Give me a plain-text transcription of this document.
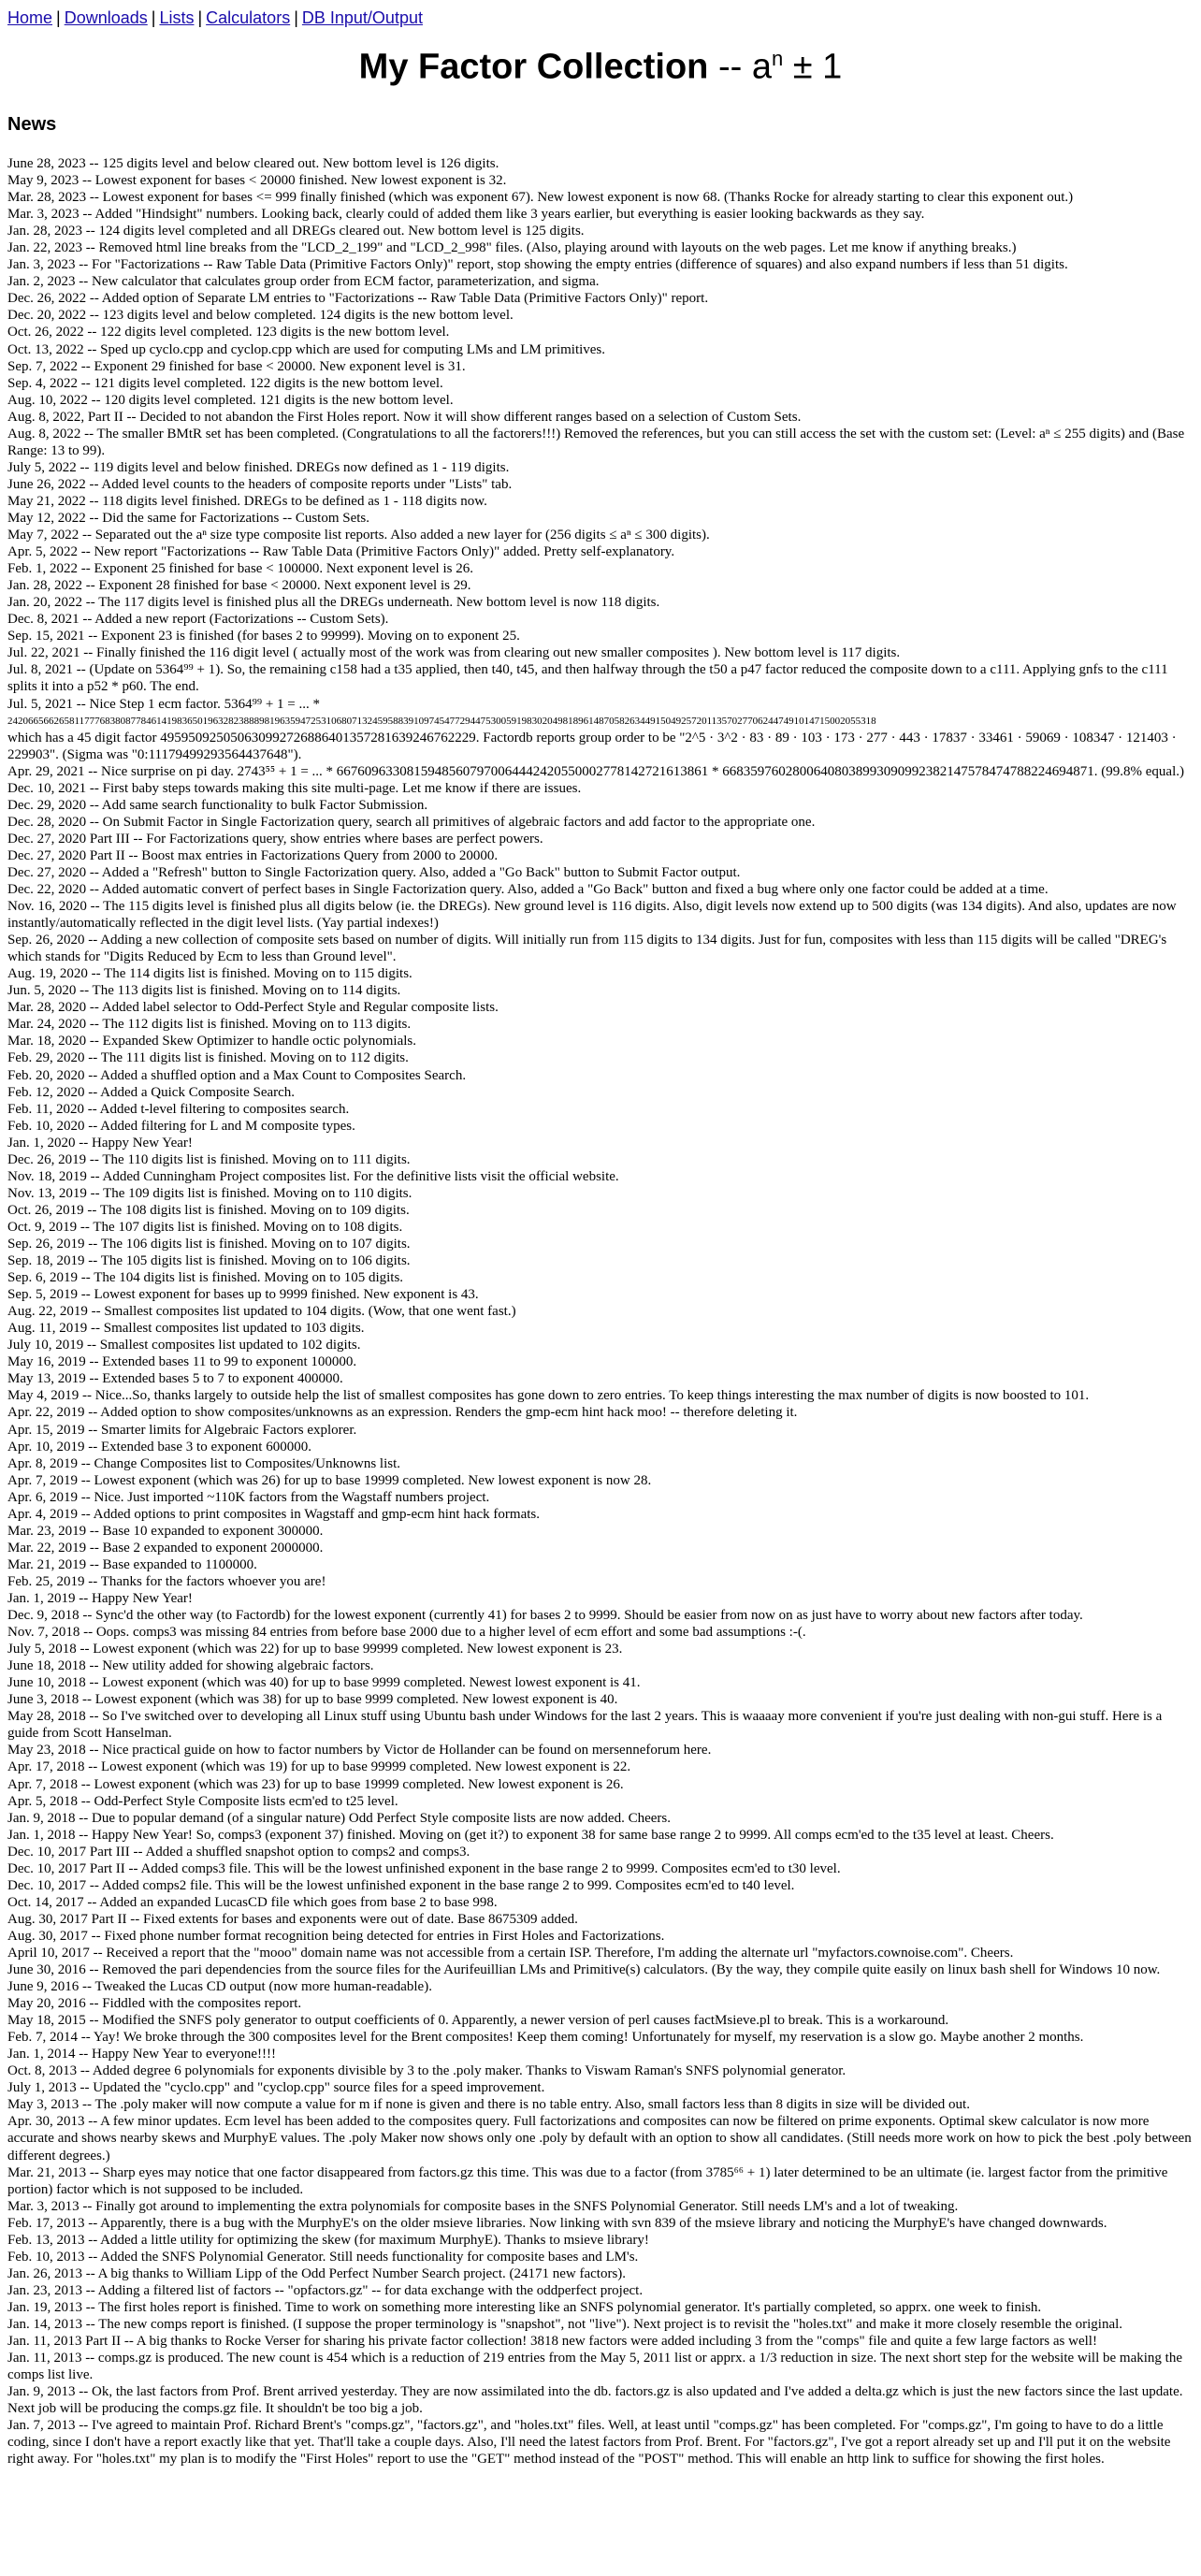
Home | Downloads | Lists | Calculators | DB Input/Output
My Factor Collection -- $a^n \pm 1$
News
June 28, 2023 -- 125 digits level and below cleared out. New bottom level is 126 digits.
May 9, 2023 -- Lowest exponent for bases < 20000 finished. New lowest exponent is 32.
Mar. 28, 2023 -- Lowest exponent for bases <= 999 finally finished (which was exponent 67). New lowest exponent is now 68. (Thanks Rocke for already starting to clear this exponent out.)
Mar. 3, 2023 -- Added "Hindsight" numbers. Looking back, clearly could of added them like 3 years earlier, but everything is easier looking backwards as they say.
Jan. 28, 2023 -- 124 digits level completed and all DREGs cleared out. New bottom level is 125 digits.
Jan. 22, 2023 -- Removed html line breaks from the "LCD_2_199" and "LCD_2_998" files. (Also, playing around with layouts on the web pages. Let me know if anything breaks.)
Jan. 3, 2023 -- For "Factorizations -- Raw Table Data (Primitive Factors Only)" report, stop showing the empty entries (difference of squares) and also expand numbers if less than 51 digits.
Jan. 2, 2023 -- New calculator that calculates group order from ECM factor, parameterization, and sigma.
Dec. 26, 2022 -- Added option of Separate LM entries to "Factorizations -- Raw Table Data (Primitive Factors Only)" report.
Dec. 20, 2022 -- 123 digits level and below completed. 124 digits is the new bottom level.
Oct. 26, 2022 -- 122 digits level completed. 123 digits is the new bottom level.
Oct. 13, 2022 -- Sped up cyclo.cpp and cyclop.cpp which are used for computing LMs and LM primitives.
Sep. 7, 2022 -- Exponent 29 finished for base < 20000. New exponent level is 31.
Sep. 4, 2022 -- 121 digits level completed. 122 digits is the new bottom level.
Aug. 10, 2022 -- 120 digits level completed. 121 digits is the new bottom level.
Aug. 8, 2022, Part II -- Decided to not abandon the First Holes report. Now it will show different ranges based on a selection of Custom Sets.
Aug. 8, 2022 -- The smaller BMtR set has been completed. (Congratulations to all the factorers!!!) Removed the references, but you can still access the set with the custom set: (Level: aⁿ ≤ 255 digits) and (Base Range: 13 to 99).
July 5, 2022 -- 119 digits level and below finished. DREGs now defined as 1 - 119 digits.
June 26, 2022 -- Added level counts to the headers of composite reports under "Lists" tab.
May 21, 2022 -- 118 digits level finished. DREGs to be defined as 1 - 118 digits now.
May 12, 2022 -- Did the same for Factorizations -- Custom Sets.
May 7, 2022 -- Separated out the aⁿ size type composite list reports. Also added a new layer for (256 digits ≤ aⁿ ≤ 300 digits).
Apr. 5, 2022 -- New report "Factorizations -- Raw Table Data (Primitive Factors Only)" added. Pretty self-explanatory.
Feb. 1, 2022 -- Exponent 25 finished for base < 100000. Next exponent level is 26.
Jan. 28, 2022 -- Exponent 28 finished for base < 20000. Next exponent level is 29.
Jan. 20, 2022 -- The 117 digits level is finished plus all the DREGs underneath. New bottom level is now 118 digits.
Dec. 8, 2021 -- Added a new report (Factorizations -- Custom Sets).
Sep. 15, 2021 -- Exponent 23 is finished (for bases 2 to 99999). Moving on to exponent 25.
Jul. 22, 2021 -- Finally finished the 116 digit level ( actually most of the work was from clearing out new smaller composites ). New bottom level is 117 digits.
Jul. 8, 2021 -- (Update on 5364⁹⁹ + 1). So, the remaining c158 had a t35 applied, then t40, t45, and then halfway through the t50 a p47 factor reduced the composite down to a c111. Applying gnfs to the c111 splits it into a p52 * p60. The end.
Jul. 5, 2021 -- Nice Step 1 ecm factor. 5364⁹⁹ + 1 = ... *
2420665662658117776838087784614198365019632823888981963594725310680713245958839109745477294475300591983020498189614870582634491504925720113570277062447491014715002055318
which has a 45 digit factor 495950925050630992726886401357281639246762229. Factordb reports group order to be "2^5 · 3^2 · 83 · 89 · 103 · 173 · 277 · 443 · 17837 · 33461 · 59069 · 108347 · 121403 · 229903". (Sigma was "0:11179499293564437648").
Apr. 29, 2021 -- Nice surprise on pi day. 2743⁵⁵ + 1 = ... * 66760963308159485607970064442420550002778142721613861 * 66835976028006408038993090992382147578474788224694871. (99.8% equal.)
Dec. 10, 2021 -- First baby steps towards making this site multi-page. Let me know if there are issues.
Dec. 29, 2020 -- Add same search functionality to bulk Factor Submission.
Dec. 28, 2020 -- On Submit Factor in Single Factorization query, search all primitives of algebraic factors and add factor to the appropriate one.
Dec. 27, 2020 Part III -- For Factorizations query, show entries where bases are perfect powers.
Dec. 27, 2020 Part II -- Boost max entries in Factorizations Query from 2000 to 20000.
Dec. 27, 2020 -- Added a "Refresh" button to Single Factorization query. Also, added a "Go Back" button to Submit Factor output.
Dec. 22, 2020 -- Added automatic convert of perfect bases in Single Factorization query. Also, added a "Go Back" button and fixed a bug where only one factor could be added at a time.
Nov. 16, 2020 -- The 115 digits level is finished plus all digits below (ie. the DREGs). New ground level is 116 digits. Also, digit levels now extend up to 500 digits (was 134 digits). And also, updates are now instantly/automatically reflected in the digit level lists. (Yay partial indexes!)
Sep. 26, 2020 -- Adding a new collection of composite sets based on number of digits. Will initially run from 115 digits to 134 digits. Just for fun, composites with less than 115 digits will be called "DREG's which stands for "Digits Reduced by Ecm to less than Ground level".
Aug. 19, 2020 -- The 114 digits list is finished. Moving on to 115 digits.
Jun. 5, 2020 -- The 113 digits list is finished. Moving on to 114 digits.
Mar. 28, 2020 -- Added label selector to Odd-Perfect Style and Regular composite lists.
Mar. 24, 2020 -- The 112 digits list is finished. Moving on to 113 digits.
Mar. 18, 2020 -- Expanded Skew Optimizer to handle octic polynomials.
Feb. 29, 2020 -- The 111 digits list is finished. Moving on to 112 digits.
Feb. 20, 2020 -- Added a shuffled option and a Max Count to Composites Search.
Feb. 12, 2020 -- Added a Quick Composite Search.
Feb. 11, 2020 -- Added t-level filtering to composites search.
Feb. 10, 2020 -- Added filtering for L and M composite types.
Jan. 1, 2020 -- Happy New Year!
Dec. 26, 2019 -- The 110 digits list is finished. Moving on to 111 digits.
Nov. 18, 2019 -- Added Cunningham Project composites list. For the definitive lists visit the official website.
Nov. 13, 2019 -- The 109 digits list is finished. Moving on to 110 digits.
Oct. 26, 2019 -- The 108 digits list is finished. Moving on to 109 digits.
Oct. 9, 2019 -- The 107 digits list is finished. Moving on to 108 digits.
Sep. 26, 2019 -- The 106 digits list is finished. Moving on to 107 digits.
Sep. 18, 2019 -- The 105 digits list is finished. Moving on to 106 digits.
Sep. 6, 2019 -- The 104 digits list is finished. Moving on to 105 digits.
Sep. 5, 2019 -- Lowest exponent for bases up to 9999 finished. New exponent is 43.
Aug. 22, 2019 -- Smallest composites list updated to 104 digits. (Wow, that one went fast.)
Aug. 11, 2019 -- Smallest composites list updated to 103 digits.
July 10, 2019 -- Smallest composites list updated to 102 digits.
May 16, 2019 -- Extended bases 11 to 99 to exponent 100000.
May 13, 2019 -- Extended bases 5 to 7 to exponent 400000.
May 4, 2019 -- Nice...So, thanks largely to outside help the list of smallest composites has gone down to zero entries. To keep things interesting the max number of digits is now boosted to 101.
Apr. 22, 2019 -- Added option to show composites/unknowns as an expression. Renders the gmp-ecm hint hack moo! -- therefore deleting it.
Apr. 15, 2019 -- Smarter limits for Algebraic Factors explorer.
Apr. 10, 2019 -- Extended base 3 to exponent 600000.
Apr. 8, 2019 -- Change Composites list to Composites/Unknowns list.
Apr. 7, 2019 -- Lowest exponent (which was 26) for up to base 19999 completed. New lowest exponent is now 28.
Apr. 6, 2019 -- Nice. Just imported ~110K factors from the Wagstaff numbers project.
Apr. 4, 2019 -- Added options to print composites in Wagstaff and gmp-ecm hint hack formats.
Mar. 23, 2019 -- Base 10 expanded to exponent 300000.
Mar. 22, 2019 -- Base 2 expanded to exponent 2000000.
Mar. 21, 2019 -- Base expanded to 1100000.
Feb. 25, 2019 -- Thanks for the factors whoever you are!
Jan. 1, 2019 -- Happy New Year!
Dec. 9, 2018 -- Sync'd the other way (to Factordb) for the lowest exponent (currently 41) for bases 2 to 9999. Should be easier from now on as just have to worry about new factors after today.
Nov. 7, 2018 -- Oops. comps3 was missing 84 entries from before base 2000 due to a higher level of ecm effort and some bad assumptions :-(.
July 5, 2018 -- Lowest exponent (which was 22) for up to base 99999 completed. New lowest exponent is 23.
June 18, 2018 -- New utility added for showing algebraic factors.
June 10, 2018 -- Lowest exponent (which was 40) for up to base 9999 completed. Newest lowest exponent is 41.
June 3, 2018 -- Lowest exponent (which was 38) for up to base 9999 completed. New lowest exponent is 40.
May 28, 2018 -- So I've switched over to developing all Linux stuff using Ubuntu bash under Windows for the last 2 years. This is waaaay more convenient if you're just dealing with non-gui stuff. Here is a guide from Scott Hanselman.
May 23, 2018 -- Nice practical guide on how to factor numbers by Victor de Hollander can be found on mersenneforum here.
Apr. 17, 2018 -- Lowest exponent (which was 19) for up to base 99999 completed. New lowest exponent is 22.
Apr. 7, 2018 -- Lowest exponent (which was 23) for up to base 19999 completed. New lowest exponent is 26.
Apr. 5, 2018 -- Odd-Perfect Style Composite lists ecm'ed to t25 level.
Jan. 9, 2018 -- Due to popular demand (of a singular nature) Odd Perfect Style composite lists are now added. Cheers.
Jan. 1, 2018 -- Happy New Year! So, comps3 (exponent 37) finished. Moving on (get it?) to exponent 38 for same base range 2 to 9999. All comps ecm'ed to the t35 level at least. Cheers.
Dec. 10, 2017 Part III -- Added a shuffled snapshot option to comps2 and comps3.
Dec. 10, 2017 Part II -- Added comps3 file. This will be the lowest unfinished exponent in the base range 2 to 9999. Composites ecm'ed to t30 level.
Dec. 10, 2017 -- Added comps2 file. This will be the lowest unfinished exponent in the base range 2 to 999. Composites ecm'ed to t40 level.
Oct. 14, 2017 -- Added an expanded LucasCD file which goes from base 2 to base 998.
Aug. 30, 2017 Part II -- Fixed extents for bases and exponents were out of date. Base 8675309 added.
Aug. 30, 2017 -- Fixed phone number format recognition being detected for entries in First Holes and Factorizations.
April 10, 2017 -- Received a report that the "mooo" domain name was not accessible from a certain ISP. Therefore, I'm adding the alternate url "myfactors.cownoise.com". Cheers.
June 30, 2016 -- Removed the pari dependencies from the source files for the Aurifeuillian LMs and Primitive(s) calculators. (By the way, they compile quite easily on linux bash shell for Windows 10 now.
June 9, 2016 -- Tweaked the Lucas CD output (now more human-readable).
May 20, 2016 -- Fiddled with the composites report.
May 18, 2015 -- Modified the SNFS poly generator to output coefficients of 0. Apparently, a newer version of perl causes factMsieve.pl to break. This is a workaround.
Feb. 7, 2014 -- Yay! We broke through the 300 composites level for the Brent composites! Keep them coming! Unfortunately for myself, my reservation is a slow go. Maybe another 2 months.
Jan. 1, 2014 -- Happy New Year to everyone!!!!
Oct. 8, 2013 -- Added degree 6 polynomials for exponents divisible by 3 to the .poly maker. Thanks to Viswam Raman's SNFS polynomial generator.
July 1, 2013 -- Updated the "cyclo.cpp" and "cyclop.cpp" source files for a speed improvement.
May 3, 2013 -- The .poly maker will now compute a value for m if none is given and there is no table entry. Also, small factors less than 8 digits in size will be divided out.
Apr. 30, 2013 -- A few minor updates. Ecm level has been added to the composites query. Full factorizations and composites can now be filtered on prime exponents. Optimal skew calculator is now more accurate and shows nearby skews and MurphyE values. The .poly Maker now shows only one .poly by default with an option to show all candidates. (Still needs more work on how to pick the best .poly between different degrees.)
Mar. 21, 2013 -- Sharp eyes may notice that one factor disappeared from factors.gz this time. This was due to a factor (from 3785⁶⁶ + 1) later determined to be an ultimate (ie. largest factor from the primitive portion) factor which is not supposed to be included.
Mar. 3, 2013 -- Finally got around to implementing the extra polynomials for composite bases in the SNFS Polynomial Generator. Still needs LM's and a lot of tweaking.
Feb. 17, 2013 -- Apparently, there is a bug with the MurphyE's on the older msieve libraries. Now linking with svn 839 of the msieve library and noticing the MurphyE's have changed downwards.
Feb. 13, 2013 -- Added a little utility for optimizing the skew (for maximum MurphyE). Thanks to msieve library!
Feb. 10, 2013 -- Added the SNFS Polynomial Generator. Still needs functionality for composite bases and LM's.
Jan. 26, 2013 -- A big thanks to William Lipp of the Odd Perfect Number Search project. (24171 new factors).
Jan. 23, 2013 -- Adding a filtered list of factors -- "opfactors.gz" -- for data exchange with the oddperfect project.
Jan. 19, 2013 -- The first holes report is finished. Time to work on something more interesting like an SNFS polynomial generator. It's partially completed, so apprx. one week to finish.
Jan. 14, 2013 -- The new comps report is finished. (I suppose the proper terminology is "snapshot", not "live"). Next project is to revisit the "holes.txt" and make it more closely resemble the original.
Jan. 11, 2013 Part II -- A big thanks to Rocke Verser for sharing his private factor collection! 3818 new factors were added including 3 from the "comps" file and quite a few large factors as well!
Jan. 11, 2013 -- comps.gz is produced. The new count is 454 which is a reduction of 219 entries from the May 5, 2011 list or apprx. a 1/3 reduction in size. The next short step for the website will be making the comps list live.
Jan. 9, 2013 -- Ok, the last factors from Prof. Brent arrived yesterday. They are now assimilated into the db. factors.gz is also updated and I've added a delta.gz which is just the new factors since the last update. Next job will be producing the comps.gz file. It shouldn't be too big a job.
Jan. 7, 2013 -- I've agreed to maintain Prof. Richard Brent's "comps.gz", "factors.gz", and "holes.txt" files. Well, at least until "comps.gz" has been completed. For "comps.gz", I'm going to have to do a little coding, since I don't have a report exactly like that yet. That'll take a couple days. Also, I'll need the latest factors from Prof. Brent. For "factors.gz", I've got a report already set up and I'll put it on the website right away. For "holes.txt" my plan is to modify the "First Holes" report to use the "GET" method instead of the "POST" method. This will enable an http link to suffice for showing the first holes.
